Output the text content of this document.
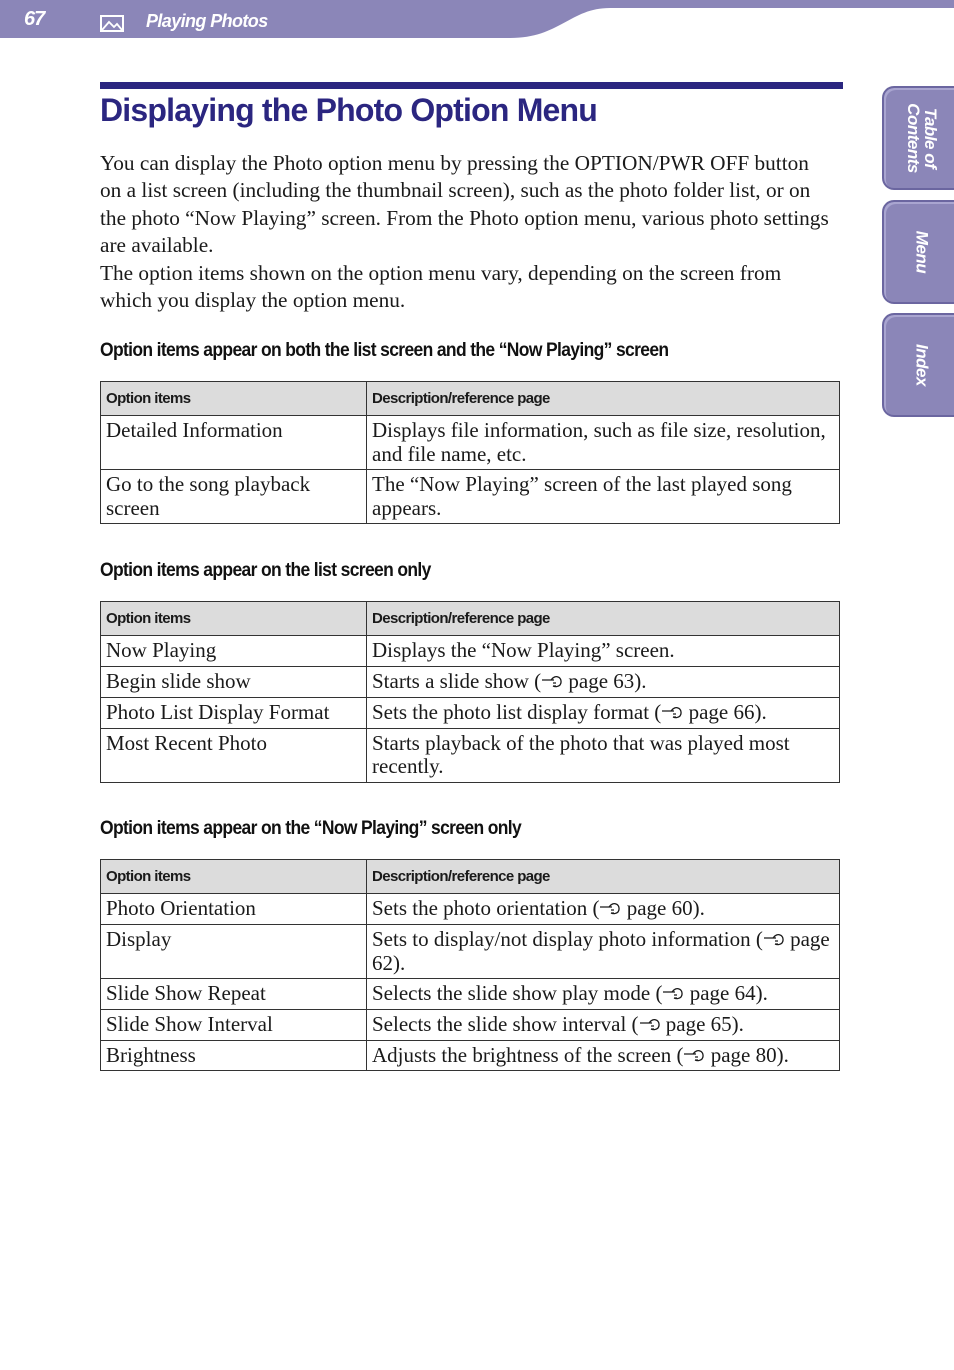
67	Playing Photos
Table of
Contents
Menu
Index
Displaying the Photo Option Menu

You can display the Photo option menu by pressing the OPTION/PWR OFF button on a list screen (including the thumbnail screen), such as the photo folder list, or on the photo “Now Playing” screen. From the Photo option menu, various photo settings are available.

The option items shown on the option menu vary, depending on the screen from which you display the option menu.

Option items appear on both the list screen and the “Now Playing” screen
Option items	Description/reference page
Detailed Information	Displays file information, such as file size, resolution, and file name, etc.
Go to the song playback screen	The “Now Playing” screen of the last played song appears.
Option items appear on the list screen only
Option items	Description/reference page
Now Playing	Displays the “Now Playing” screen.
Begin slide show	Starts a slide show ( page 63).
Photo List Display Format	Sets the photo list display format ( page 66).
Most Recent Photo	Starts playback of the photo that was played most recently.
Option items appear on the “Now Playing” screen only
Option items	Description/reference page
Photo Orientation	Sets the photo orientation ( page 60).
Display	Sets to display/not display photo information ( page 62).
Slide Show Repeat	Selects the slide show play mode ( page 64).
Slide Show Interval	Selects the slide show interval ( page 65).
Brightness	Adjusts the brightness of the screen ( page 80).
